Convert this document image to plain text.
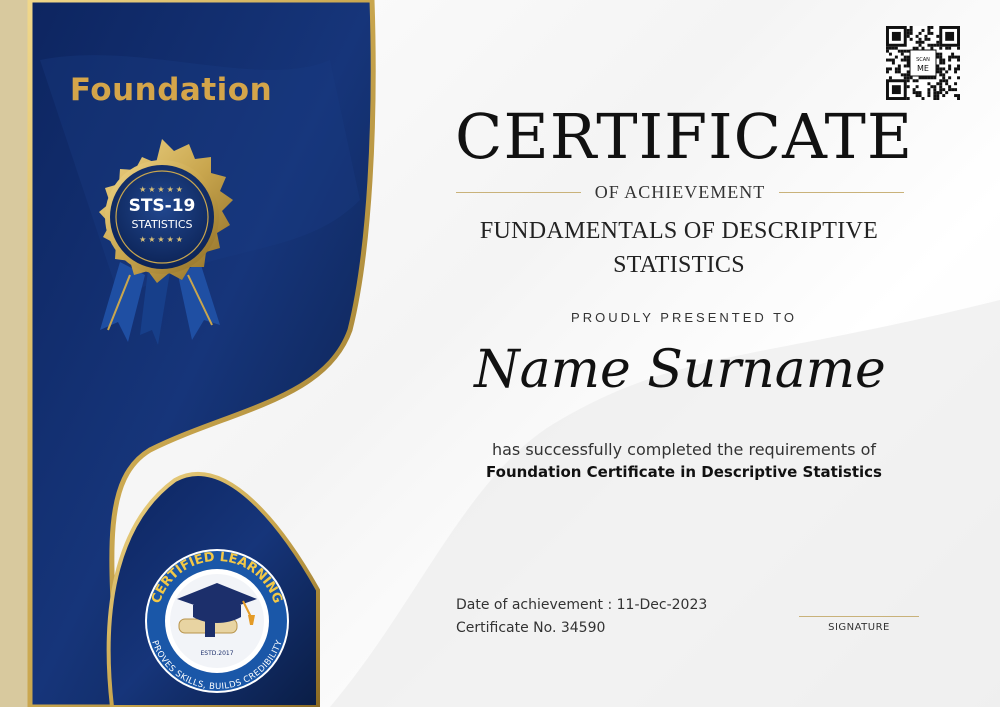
★★★★★
STS-19
STATISTICS
★★★★★
CERTIFIED LEARNING
PROVES SKILLS, BUILDS CREDIBILITY
ESTD.2017
Foundation
SCAN
ME
CERTIFICATE
OF ACHIEVEMENT
FUNDAMENTALS OF DESCRIPTIVE STATISTICS
PROUDLY PRESENTED TO
Name Surname
has successfully completed the requirements of
Foundation Certificate in Descriptive Statistics
Date of achievement : 11-Dec-2023
Certificate No. 34590	SIGNATURE
